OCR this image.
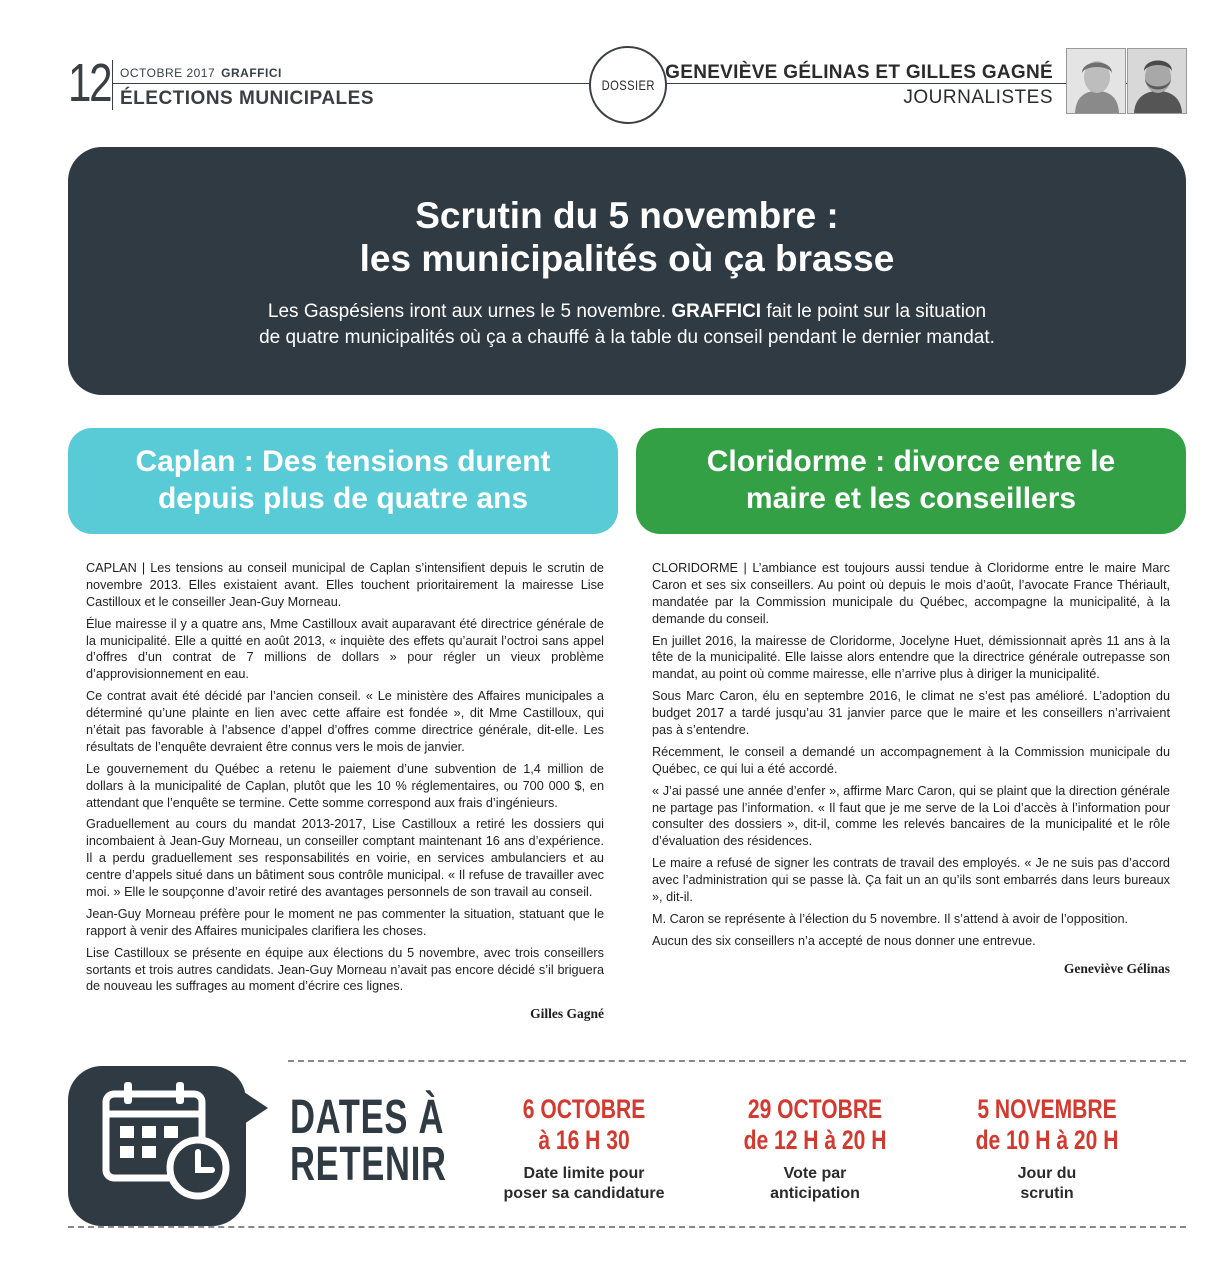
12 OCTOBRE 2017 GRAFFICI
ÉLECTIONS MUNICIPALES
DOSSIER
GENEVIÈVE GÉLINAS ET GILLES GAGNÉ
JOURNALISTES
Scrutin du 5 novembre :
les municipalités où ça brasse
Les Gaspésiens iront aux urnes le 5 novembre. GRAFFICI fait le point sur la situation
de quatre municipalités où ça a chauffé à la table du conseil pendant le dernier mandat.
Caplan : Des tensions durent
depuis plus de quatre ans
Cloridorme : divorce entre le
maire et les conseillers

CAPLAN | Les tensions au conseil municipal de Caplan s’intensifient depuis le scrutin de novembre 2013. Elles existaient avant. Elles touchent prioritairement la mairesse Lise Castilloux et le conseiller Jean-Guy Morneau.

Élue mairesse il y a quatre ans, Mme Castilloux avait auparavant été directrice générale de la municipalité. Elle a quitté en août 2013, « inquiète des effets qu’aurait l’octroi sans appel d’offres d’un contrat de 7 millions de dollars » pour régler un vieux problème d’approvisionnement en eau.

Ce contrat avait été décidé par l’ancien conseil. « Le ministère des Affaires municipales a déterminé qu’une plainte en lien avec cette affaire est fondée », dit Mme Castilloux, qui n’était pas favorable à l’absence d’appel d’offres comme directrice générale, dit-elle. Les résultats de l’enquête devraient être connus vers le mois de janvier.

Le gouvernement du Québec a retenu le paiement d’une subvention de 1,4 million de dollars à la municipalité de Caplan, plutôt que les 10 % réglementaires, ou 700 000 $, en attendant que l’enquête se termine. Cette somme correspond aux frais d’ingénieurs.

Graduellement au cours du mandat 2013-2017, Lise Castilloux a retiré les dossiers qui incombaient à Jean-Guy Morneau, un conseiller comptant maintenant 16 ans d’expérience. Il a perdu graduellement ses responsabilités en voirie, en services ambulanciers et au centre d’appels situé dans un bâtiment sous contrôle municipal. « Il refuse de travailler avec moi. » Elle le soupçonne d’avoir retiré des avantages personnels de son travail au conseil.

Jean-Guy Morneau préfère pour le moment ne pas commenter la situation, statuant que le rapport à venir des Affaires municipales clarifiera les choses.

Lise Castilloux se présente en équipe aux élections du 5 novembre, avec trois conseillers sortants et trois autres candidats. Jean-Guy Morneau n’avait pas encore décidé s’il briguera de nouveau les suffrages au moment d’écrire ces lignes.

Gilles Gagné

CLORIDORME | L’ambiance est toujours aussi tendue à Cloridorme entre le maire Marc Caron et ses six conseillers. Au point où depuis le mois d’août, l’avocate France Thériault, mandatée par la Commission municipale du Québec, accompagne la municipalité, à la demande du conseil.

En juillet 2016, la mairesse de Cloridorme, Jocelyne Huet, démissionnait après 11 ans à la tête de la municipalité. Elle laisse alors entendre que la directrice générale outrepasse son mandat, au point où comme mairesse, elle n’arrive plus à diriger la municipalité.

Sous Marc Caron, élu en septembre 2016, le climat ne s’est pas amélioré. L’adoption du budget 2017 a tardé jusqu’au 31 janvier parce que le maire et les conseillers n’arrivaient pas à s’entendre.

Récemment, le conseil a demandé un accompagnement à la Commission municipale du Québec, ce qui lui a été accordé.

« J’ai passé une année d’enfer », affirme Marc Caron, qui se plaint que la direction générale ne partage pas l’information. « Il faut que je me serve de la Loi d’accès à l’information pour consulter des dossiers », dit-il, comme les relevés bancaires de la municipalité et le rôle d’évaluation des résidences.

Le maire a refusé de signer les contrats de travail des employés. « Je ne suis pas d’accord avec l’administration qui se passe là. Ça fait un an qu’ils sont embarrés dans leurs bureaux », dit-il.

M. Caron se représente à l’élection du 5 novembre. Il s’attend à avoir de l’opposition.

Aucun des six conseillers n’a accepté de nous donner une entrevue.

Geneviève Gélinas
DATES À
RETENIR
6 OCTOBRE
à 16 H 30
Date limite pour
poser sa candidature
29 OCTOBRE
de 12 H à 20 H
Vote par
anticipation
5 NOVEMBRE
de 10 H à 20 H
Jour du
scrutin
